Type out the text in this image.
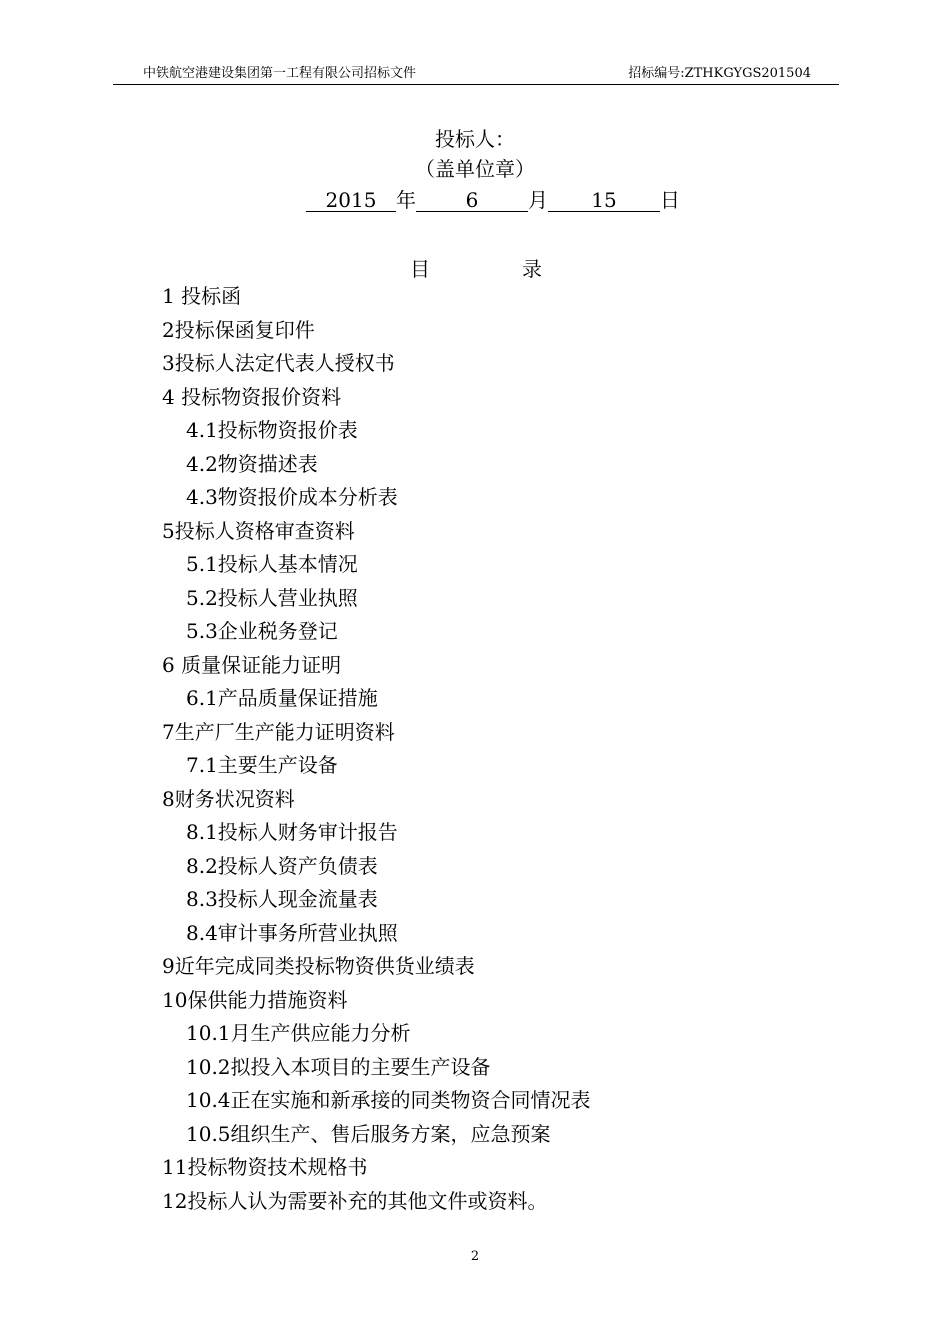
中铁航空港建设集团第一工程有限公司招标文件	招标编号:ZTHKGYGS201504
投标人：
（盖单位章）
2015 年 6 月 15 日
目	录
1 投标函
2投标保函复印件
3投标人法定代表人授权书
4 投标物资报价资料
4.1投标物资报价表
4.2物资描述表
4.3物资报价成本分析表
5投标人资格审查资料
5.1投标人基本情况
5.2投标人营业执照
5.3企业税务登记
6 质量保证能力证明
6.1产品质量保证措施
7生产厂生产能力证明资料
7.1主要生产设备
8财务状况资料
8.1投标人财务审计报告
8.2投标人资产负债表
8.3投标人现金流量表
8.4审计事务所营业执照
9近年完成同类投标物资供货业绩表
10保供能力措施资料
10.1月生产供应能力分析
10.2拟投入本项目的主要生产设备
10.4正在实施和新承接的同类物资合同情况表
10.5组织生产、售后服务方案，应急预案
11投标物资技术规格书
12投标人认为需要补充的其他文件或资料。
2
